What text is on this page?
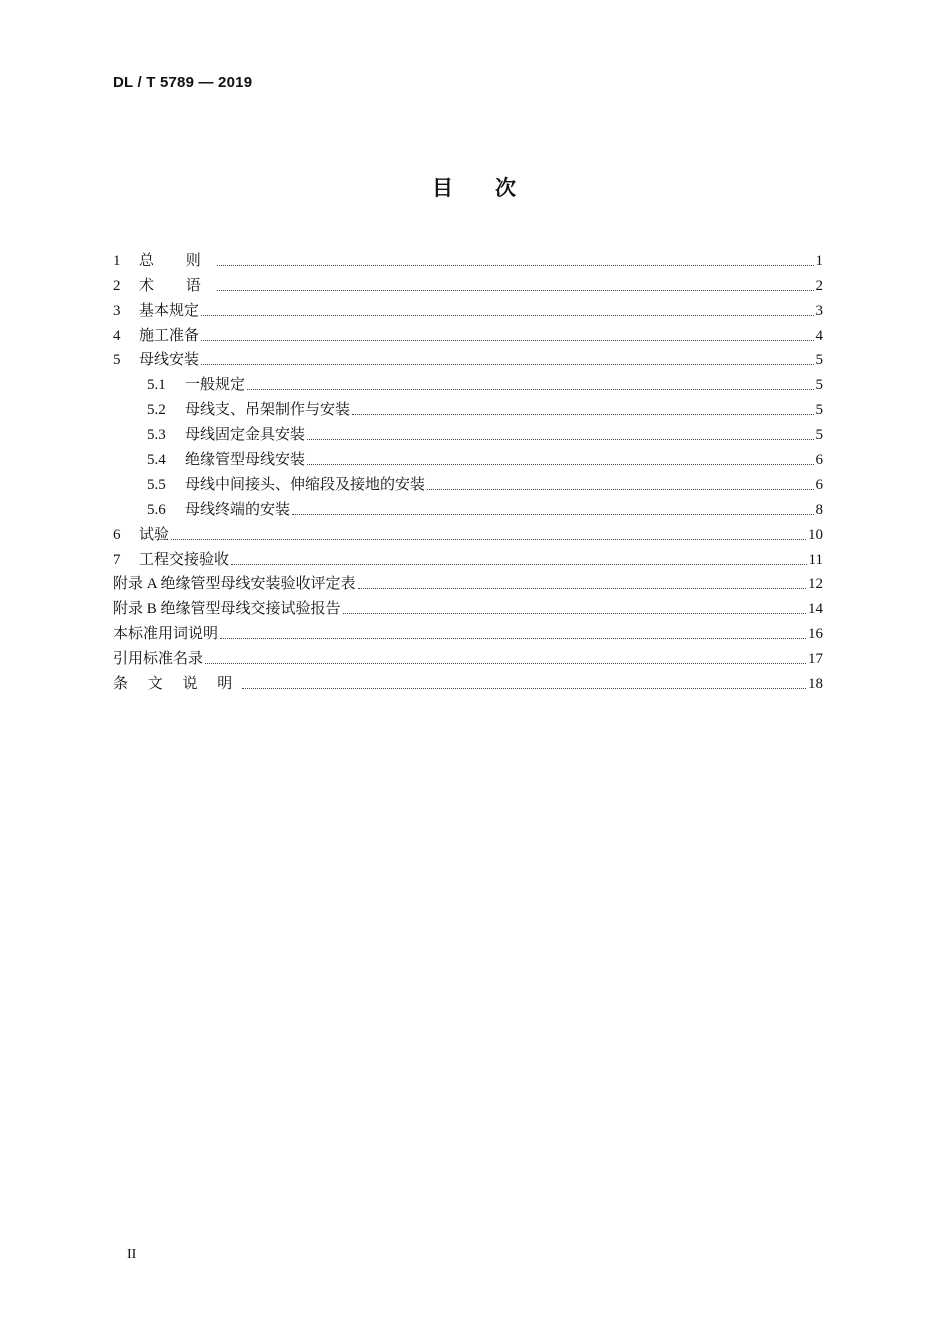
DL / T 5789 — 2019
目 次
1	总 则	1
2	术 语	2
3	基本规定	3
4	施工准备	4
5	母线安装	5
5.1	一般规定	5
5.2	母线支、吊架制作与安装	5
5.3	母线固定金具安装	5
5.4	绝缘管型母线安装	6
5.5	母线中间接头、伸缩段及接地的安装	6
5.6	母线终端的安装	8
6	试验	10
7	工程交接验收	11
附录 A 绝缘管型母线安装验收评定表	12
附录 B 绝缘管型母线交接试验报告	14
本标准用词说明	16
引用标准名录	17
条 文 说 明	18
II
